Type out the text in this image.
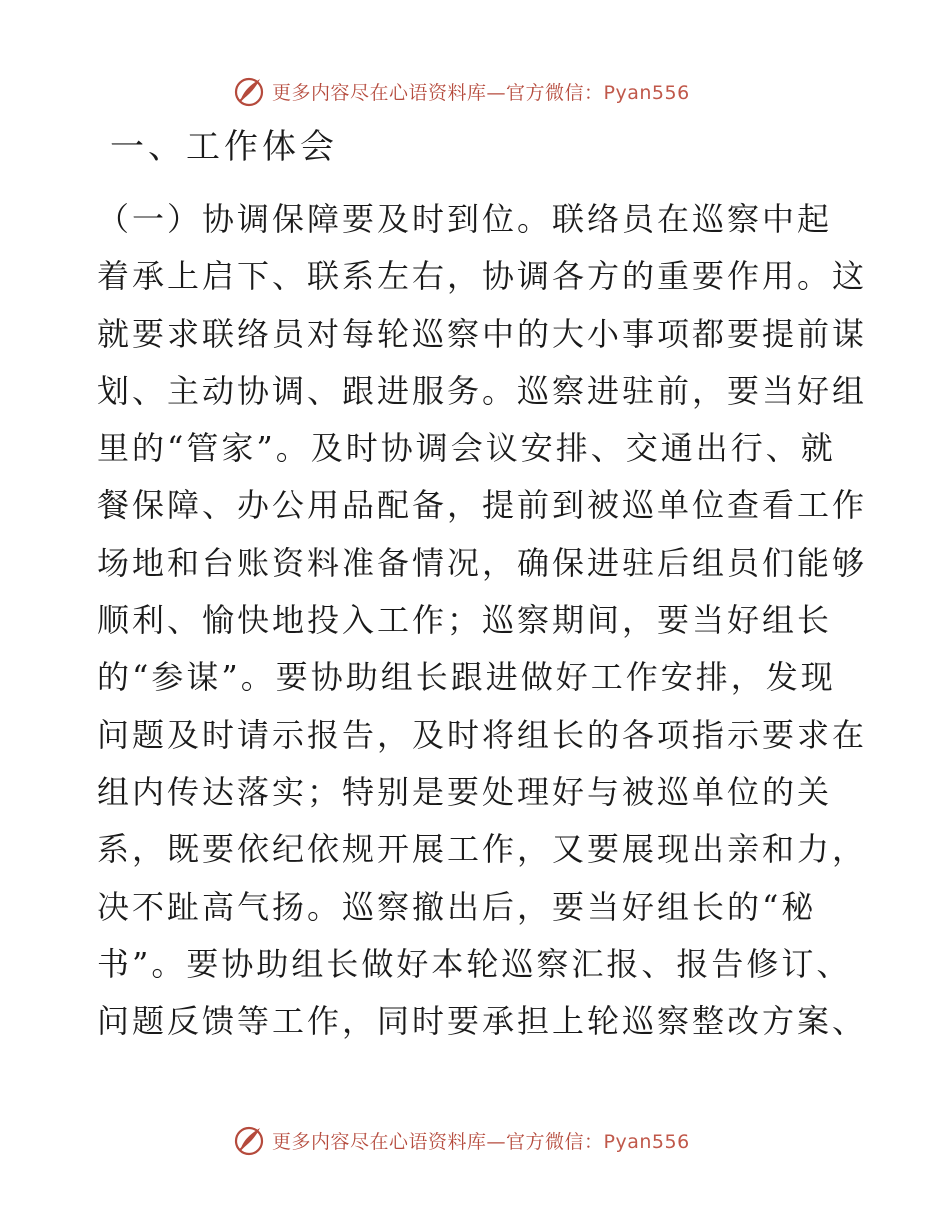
更多内容尽在心语资料库—官方微信：Pyan556
一、工作体会
（一）协调保障要及时到位。联络员在巡察中起
着承上启下、联系左右，协调各方的重要作用。这
就要求联络员对每轮巡察中的大小事项都要提前谋
划、主动协调、跟进服务。巡察进驻前，要当好组
里的“管家”。及时协调会议安排、交通出行、就
餐保障、办公用品配备，提前到被巡单位查看工作
场地和台账资料准备情况，确保进驻后组员们能够
顺利、愉快地投入工作；巡察期间，要当好组长
的“参谋”。要协助组长跟进做好工作安排，发现
问题及时请示报告，及时将组长的各项指示要求在
组内传达落实；特别是要处理好与被巡单位的关
系，既要依纪依规开展工作，又要展现出亲和力，
决不趾高气扬。巡察撤出后，要当好组长的“秘
书”。要协助组长做好本轮巡察汇报、报告修订、
问题反馈等工作，同时要承担上轮巡察整改方案、
更多内容尽在心语资料库—官方微信：Pyan556
